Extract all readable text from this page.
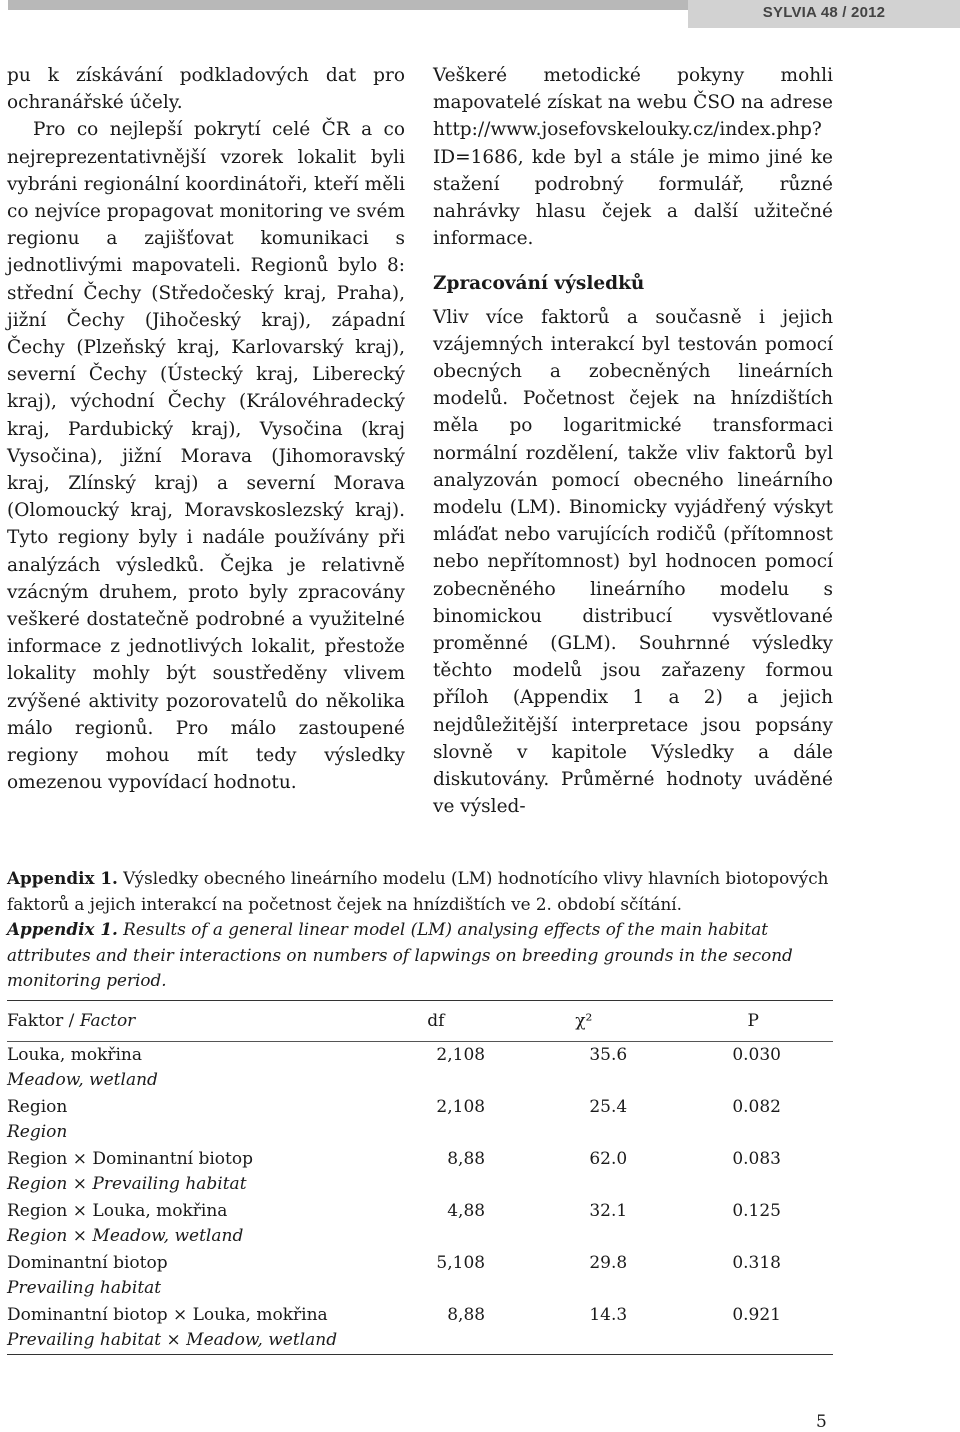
SYLVIA 48 / 2012

pu k získávání podkladových dat pro ochranářské účely.

Pro co nejlepší pokrytí celé ČR a co nejreprezentativnější vzorek lokalit byli vybráni regionální koordinátoři, kteří měli co nejvíce propagovat monitoring ve svém regionu a zajišťovat komunikaci s jednotlivými mapovateli. Regionů bylo 8: střední Čechy (Středočeský kraj, Praha), jižní Čechy (Jihočeský kraj), západní Čechy (Plzeňský kraj, Karlovarský kraj), severní Čechy (Ústecký kraj, Liberecký kraj), východní Čechy (Královéhradecký kraj, Pardubický kraj), Vysočina (kraj Vysočina), jižní Morava (Jihomoravský kraj, Zlínský kraj) a severní Morava (Olomoucký kraj, Moravskoslezský kraj). Tyto regiony byly i nadále používány při analýzách výsledků. Čejka je relativně vzácným druhem, proto byly zpracovány veškeré dostatečně podrobné a využitelné informace z jednotlivých lokalit, přestože lokality mohly být soustředěny vlivem zvýšené aktivity pozorovatelů do několika málo regionů. Pro málo zastoupené regiony mohou mít tedy výsledky omezenou vypovídací hodnotu.

Veškeré metodické pokyny mohli mapovatelé získat na webu ČSO na adrese http://www.josefovskelouky.cz/index.php?ID=1686, kde byl a stále je mimo jiné ke stažení podrobný formulář, různé nahrávky hlasu čejek a další užitečné informace.

Zpracování výsledků

Vliv více faktorů a současně i jejich vzájemných interakcí byl testován pomocí obecných a zobecněných lineárních modelů. Početnost čejek na hnízdištích měla po logaritmické transformaci normální rozdělení, takže vliv faktorů byl analyzován pomocí obecného lineárního modelu (LM). Binomicky vyjádřený výskyt mláďat nebo varujících rodičů (přítomnost nebo nepřítomnost) byl hodnocen pomocí zobecněného lineárního modelu s binomickou distribucí vysvětlované proměnné (GLM). Souhrnné výsledky těchto modelů jsou zařazeny formou příloh (Appendix 1 a 2) a jejich nejdůležitější interpretace jsou popsány slovně v kapitole Výsledky a dále diskutovány. Průměrné hodnoty uváděné ve výsled-

Appendix 1. Výsledky obecného lineárního modelu (LM) hodnotícího vlivy hlavních biotopových faktorů a jejich interakcí na početnost čejek na hnízdištích ve 2. období sčítání.

Appendix 1. Results of a general linear model (LM) analysing effects of the main habitat attributes and their interactions on numbers of lapwings on breeding grounds in the second monitoring period.

Faktor / Factor	df	χ²	P
Louka, mokřina	2,108	35.6	0.030
Meadow, wetland			
Region	2,108	25.4	0.082
Region			
Region × Dominantní biotop	8,88	62.0	0.083
Region × Prevailing habitat			
Region × Louka, mokřina	4,88	32.1	0.125
Region × Meadow, wetland			
Dominantní biotop	5,108	29.8	0.318
Prevailing habitat			
Dominantní biotop × Louka, mokřina	8,88	14.3	0.921
Prevailing habitat × Meadow, wetland			
5
